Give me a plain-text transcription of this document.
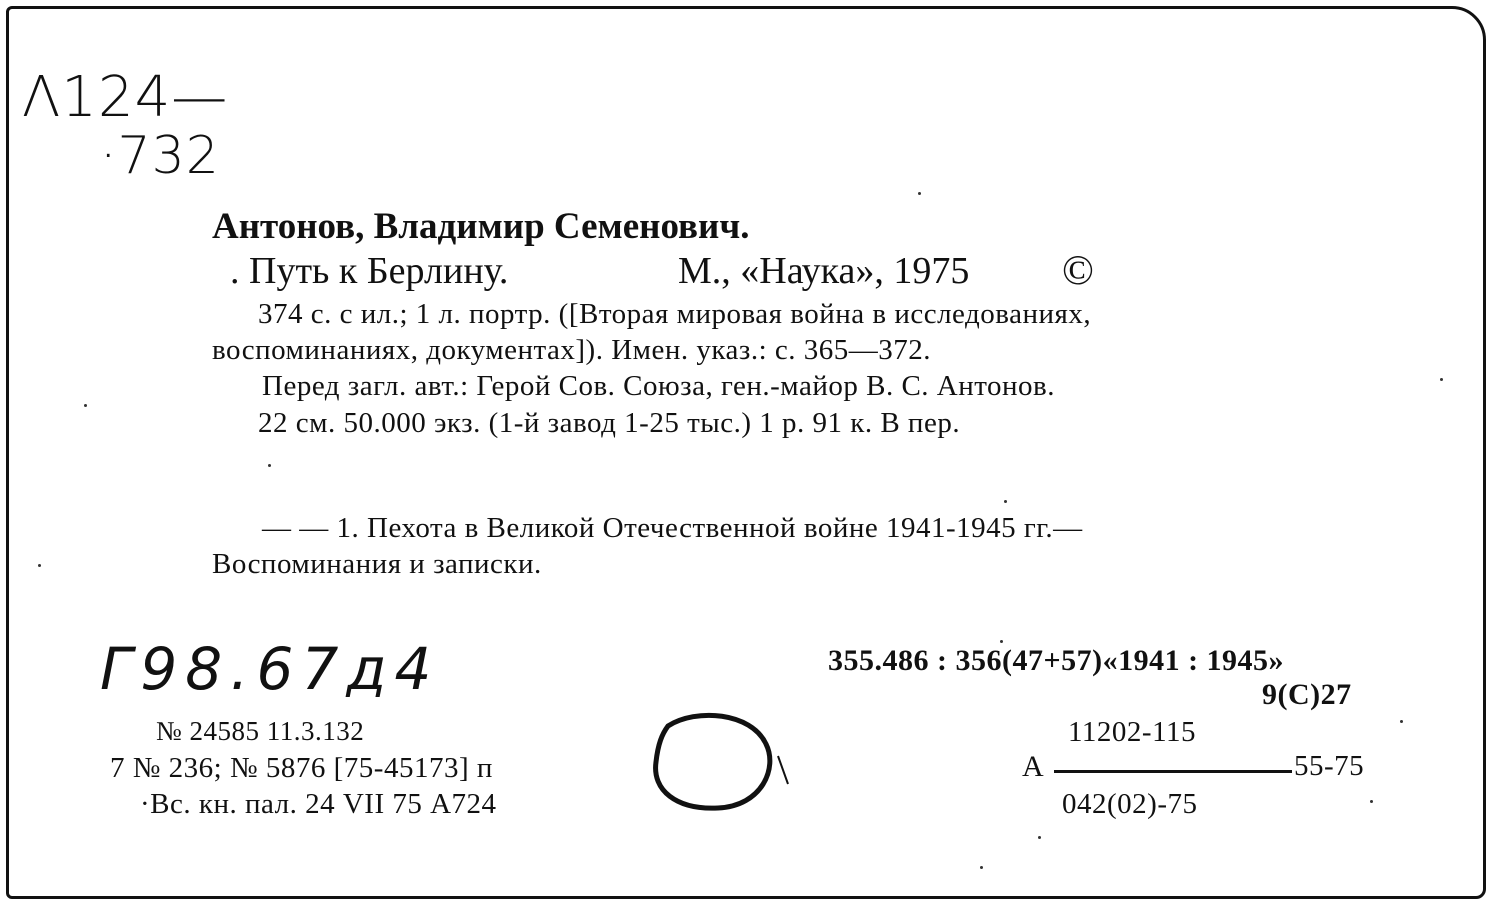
Λ124—
·732
Антонов, Владимир Семенович.
. Путь к Берлину.	М., «Наука», 1975 ©
374 с. с ил.; 1 л. портр. ([Вторая мировая война в исследованиях,
воспоминаниях, документах]). Имен. указ.: с. 365—372.
Перед загл. авт.: Герой Сов. Союза, ген.-майор В. С. Антонов.
22 см. 50.000 экз. (1-й завод 1-25 тыс.) 1 р. 91 к. В пер.
— — 1. Пехота в Великой Отечественной войне 1941-1945 гг.—
Воспоминания и записки.
Г98.67д4
№ 24585 11.3.132
7 № 236; № 5876 [75-45173] п
·Вс. кн. пал. 24 VII 75 А724
355.486 : 356(47+57)«1941 : 1945»
9(С)27
11202-115
А	55-75
042(02)-75
